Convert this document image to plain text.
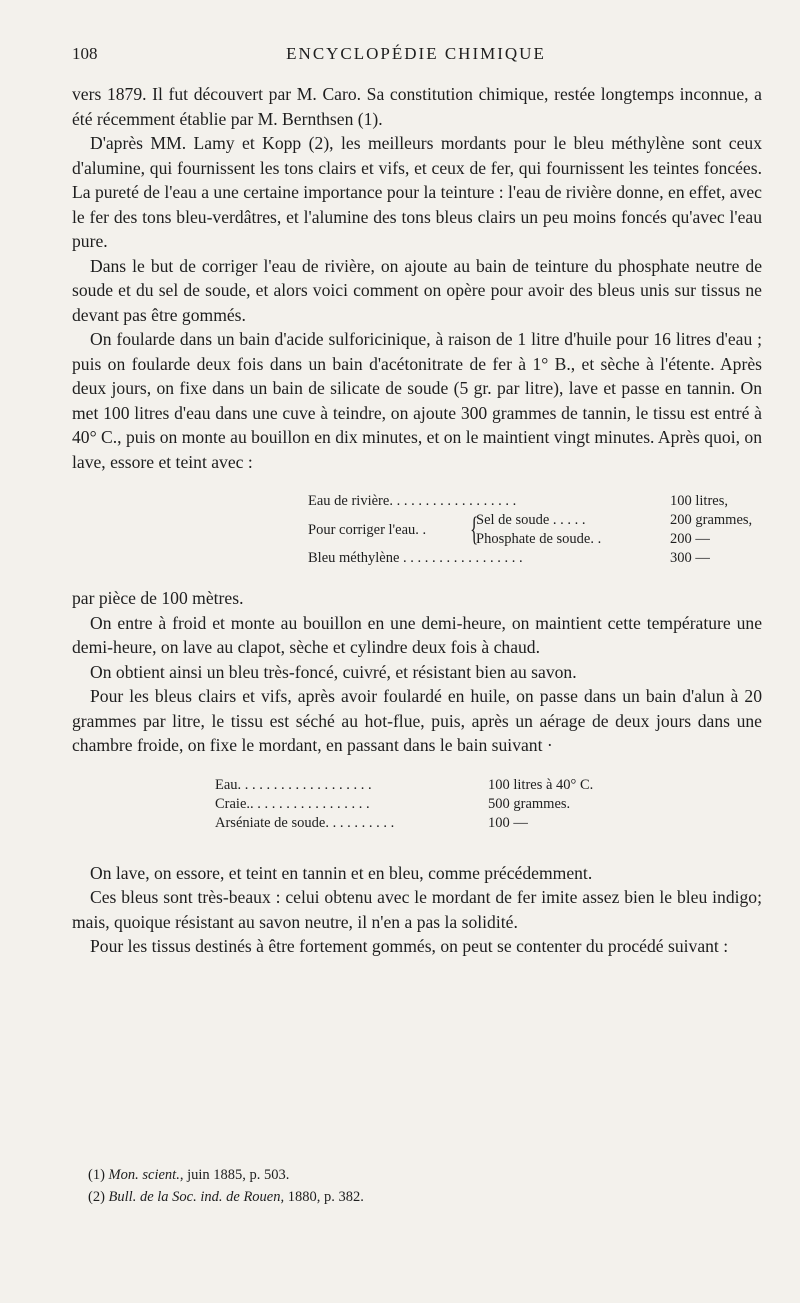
108	ENCYCLOPÉDIE CHIMIQUE

vers 1879. Il fut découvert par M. Caro. Sa constitution chimique, restée longtemps inconnue, a été récemment établie par M. Bernthsen (1).

D'après MM. Lamy et Kopp (2), les meilleurs mordants pour le bleu méthylène sont ceux d'alumine, qui fournissent les tons clairs et vifs, et ceux de fer, qui fournissent les teintes foncées. La pureté de l'eau a une certaine importance pour la teinture : l'eau de rivière donne, en effet, avec le fer des tons bleu-verdâtres, et l'alumine des tons bleus clairs un peu moins foncés qu'avec l'eau pure.

Dans le but de corriger l'eau de rivière, on ajoute au bain de teinture du phosphate neutre de soude et du sel de soude, et alors voici comment on opère pour avoir des bleus unis sur tissus ne devant pas être gommés.

On foularde dans un bain d'acide sulforicinique, à raison de 1 litre d'huile pour 16 litres d'eau ; puis on foularde deux fois dans un bain d'acétonitrate de fer à 1° B., et sèche à l'étente. Après deux jours, on fixe dans un bain de silicate de soude (5 gr. par litre), lave et passe en tannin. On met 100 litres d'eau dans une cuve à teindre, on ajoute 300 grammes de tannin, le tissu est entré à 40° C., puis on monte au bouillon en dix minutes, et on le maintient vingt minutes. Après quoi, on lave, essore et teint avec :

Eau de rivière. . . . . . . . . . . . . . . . . .	100 litres,
Pour corriger l'eau. . {
Sel de soude . . . . .	200 grammes,
Phosphate de soude. .	200 —
Bleu méthylène . . . . . . . . . . . . . . . . .	300 —

par pièce de 100 mètres.

On entre à froid et monte au bouillon en une demi-heure, on maintient cette température une demi-heure, on lave au clapot, sèche et cylindre deux fois à chaud.

On obtient ainsi un bleu très-foncé, cuivré, et résistant bien au savon.

Pour les bleus clairs et vifs, après avoir foulardé en huile, on passe dans un bain d'alun à 20 grammes par litre, le tissu est séché au hot-flue, puis, après un aérage de deux jours dans une chambre froide, on fixe le mordant, en passant dans le bain suivant ·

Eau. . . . . . . . . . . . . . . . . . .	100 litres à 40° C.
Craie.. . . . . . . . . . . . . . . . .	500 grammes.
Arséniate de soude. . . . . . . . . .	100 —

On lave, on essore, et teint en tannin et en bleu, comme précédemment.

Ces bleus sont très-beaux : celui obtenu avec le mordant de fer imite assez bien le bleu indigo; mais, quoique résistant au savon neutre, il n'en a pas la solidité.

Pour les tissus destinés à être fortement gommés, on peut se contenter du procédé suivant :

(1) Mon. scient., juin 1885, p. 503.
(2) Bull. de la Soc. ind. de Rouen, 1880, p. 382.
